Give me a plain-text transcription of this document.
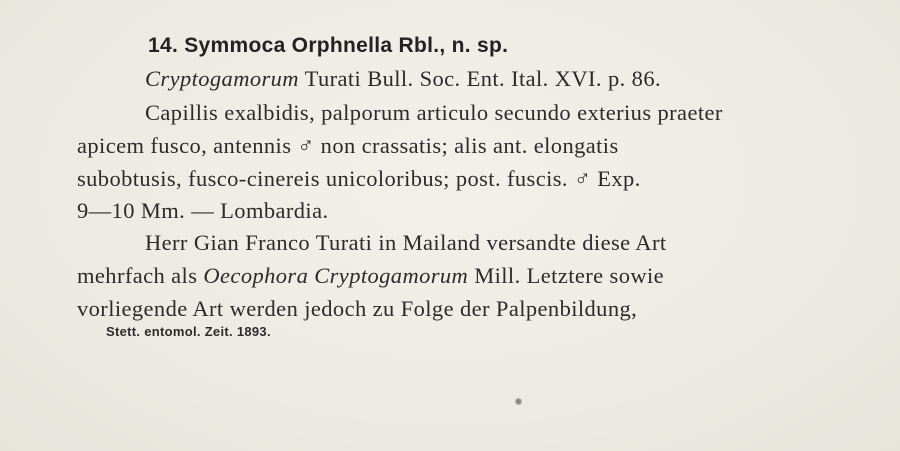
14. Symmoca Orphnella Rbl., n. sp.
Cryptogamorum Turati Bull. Soc. Ent. Ital. XVI. p. 86.
Capillis exalbidis, palporum articulo secundo exterius praeter
apicem fusco, antennis ♂ non crassatis; alis ant. elongatis
subobtusis, fusco-cinereis unicoloribus; post. fuscis. ♂ Exp.
9—10 Mm. — Lombardia.
Herr Gian Franco Turati in Mailand versandte diese Art
mehrfach als Oecophora Cryptogamorum Mill. Letztere sowie
vorliegende Art werden jedoch zu Folge der Palpenbildung,
Stett. entomol. Zeit. 1893.
